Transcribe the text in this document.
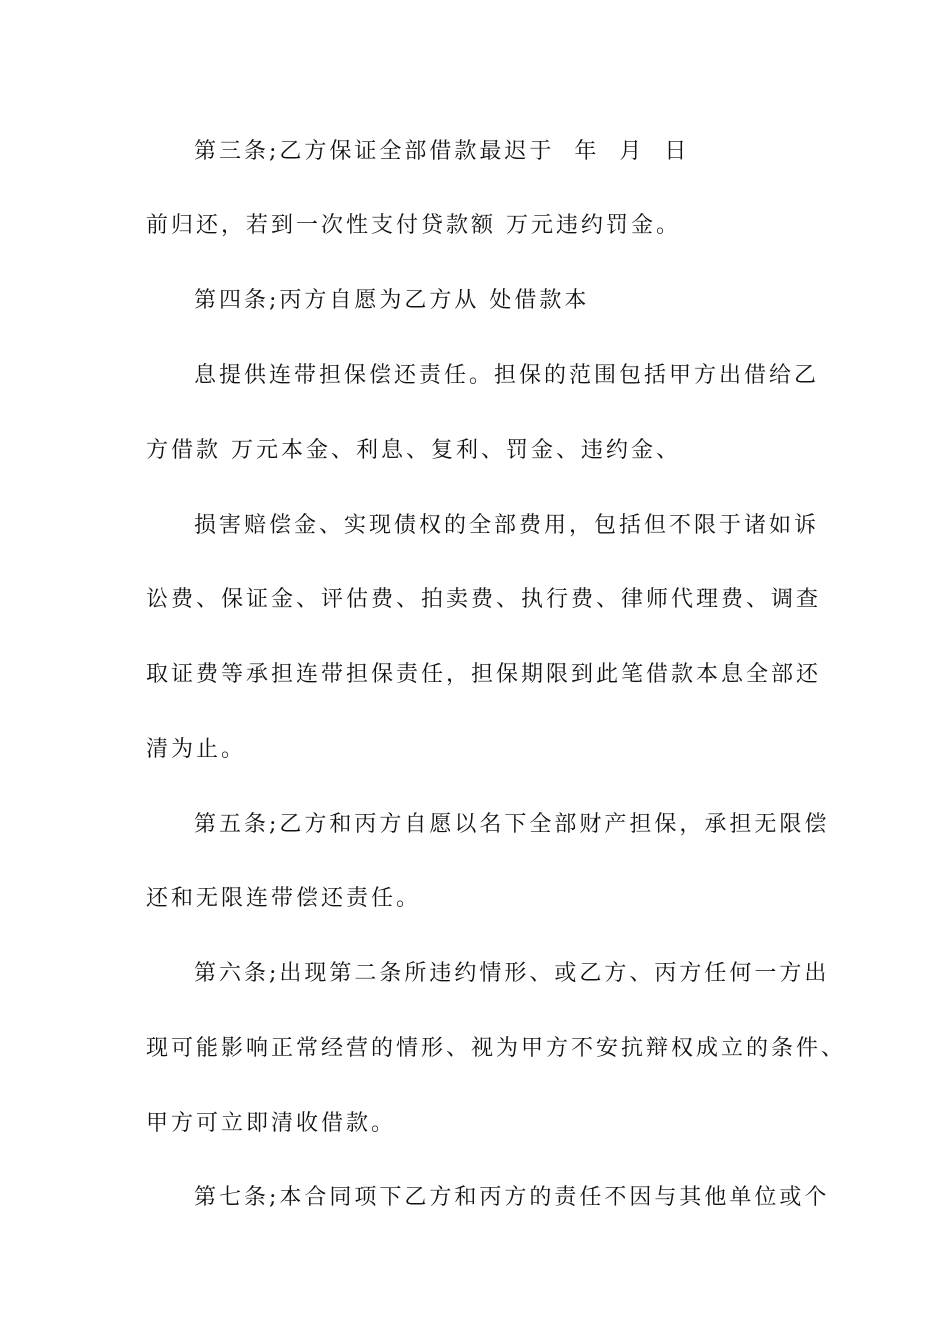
第三条;乙方保证全部借款最迟于  年  月  日
前归还，若到一次性支付贷款额 万元违约罚金。
第四条;丙方自愿为乙方从 处借款本
息提供连带担保偿还责任。担保的范围包括甲方出借给乙
方借款 万元本金、利息、复利、罚金、违约金、
损害赔偿金、实现债权的全部费用，包括但不限于诸如诉
讼费、保证金、评估费、拍卖费、执行费、律师代理费、调查
取证费等承担连带担保责任，担保期限到此笔借款本息全部还
清为止。
第五条;乙方和丙方自愿以名下全部财产担保，承担无限偿
还和无限连带偿还责任。
第六条;出现第二条所违约情形、或乙方、丙方任何一方出
现可能影响正常经营的情形、视为甲方不安抗辩权成立的条件、
甲方可立即清收借款。
第七条;本合同项下乙方和丙方的责任不因与其他单位或个
